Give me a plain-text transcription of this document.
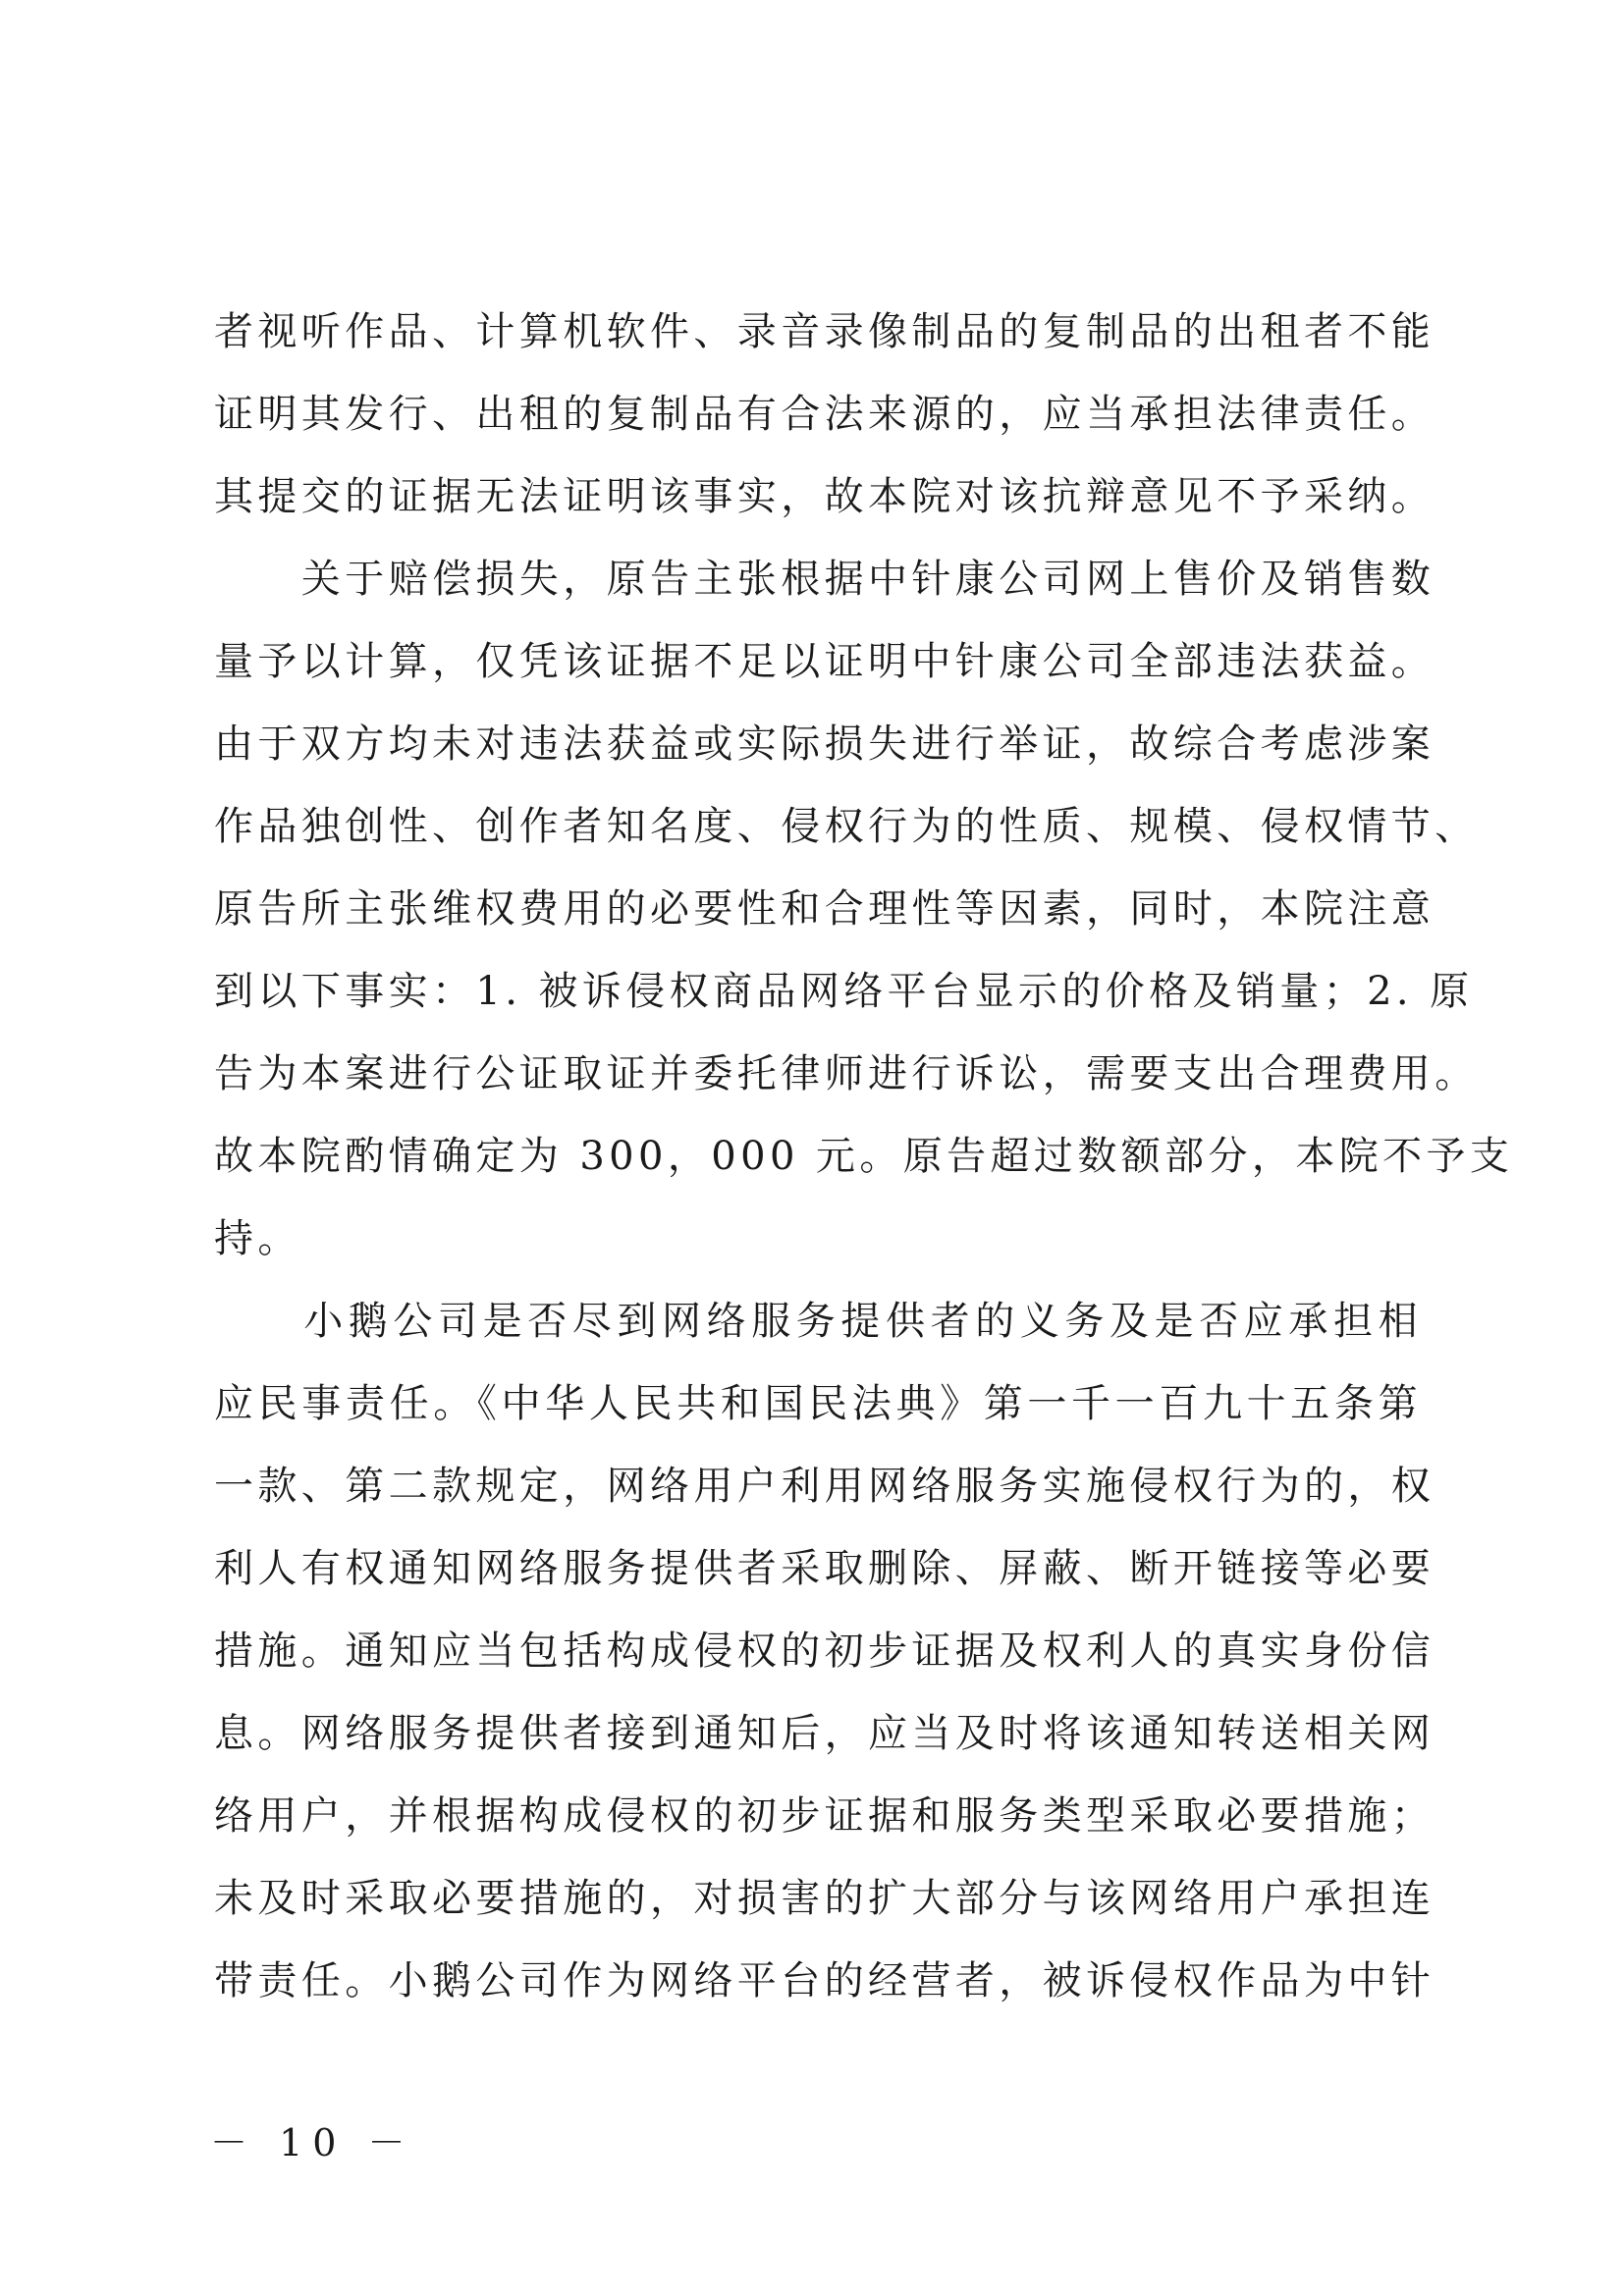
者视听作品、计算机软件、录音录像制品的复制品的出租者不能
证明其发行、出租的复制品有合法来源的，应当承担法律责任。
其提交的证据无法证明该事实，故本院对该抗辩意见不予采纳。
　　关于赔偿损失，原告主张根据中针康公司网上售价及销售数
量予以计算，仅凭该证据不足以证明中针康公司全部违法获益。
由于双方均未对违法获益或实际损失进行举证，故综合考虑涉案
作品独创性、创作者知名度、侵权行为的性质、规模、侵权情节、
原告所主张维权费用的必要性和合理性等因素，同时，本院注意
到以下事实：1. 被诉侵权商品网络平台显示的价格及销量；2. 原
告为本案进行公证取证并委托律师进行诉讼，需要支出合理费用。
故本院酌情确定为 300，000 元。原告超过数额部分，本院不予支
持。
　　小鹅公司是否尽到网络服务提供者的义务及是否应承担相
应民事责任。《中华人民共和国民法典》第一千一百九十五条第
一款、第二款规定，网络用户利用网络服务实施侵权行为的，权
利人有权通知网络服务提供者采取删除、屏蔽、断开链接等必要
措施。通知应当包括构成侵权的初步证据及权利人的真实身份信
息。网络服务提供者接到通知后，应当及时将该通知转送相关网
络用户，并根据构成侵权的初步证据和服务类型采取必要措施；
未及时采取必要措施的，对损害的扩大部分与该网络用户承担连
带责任。小鹅公司作为网络平台的经营者，被诉侵权作品为中针
－ 10 －
